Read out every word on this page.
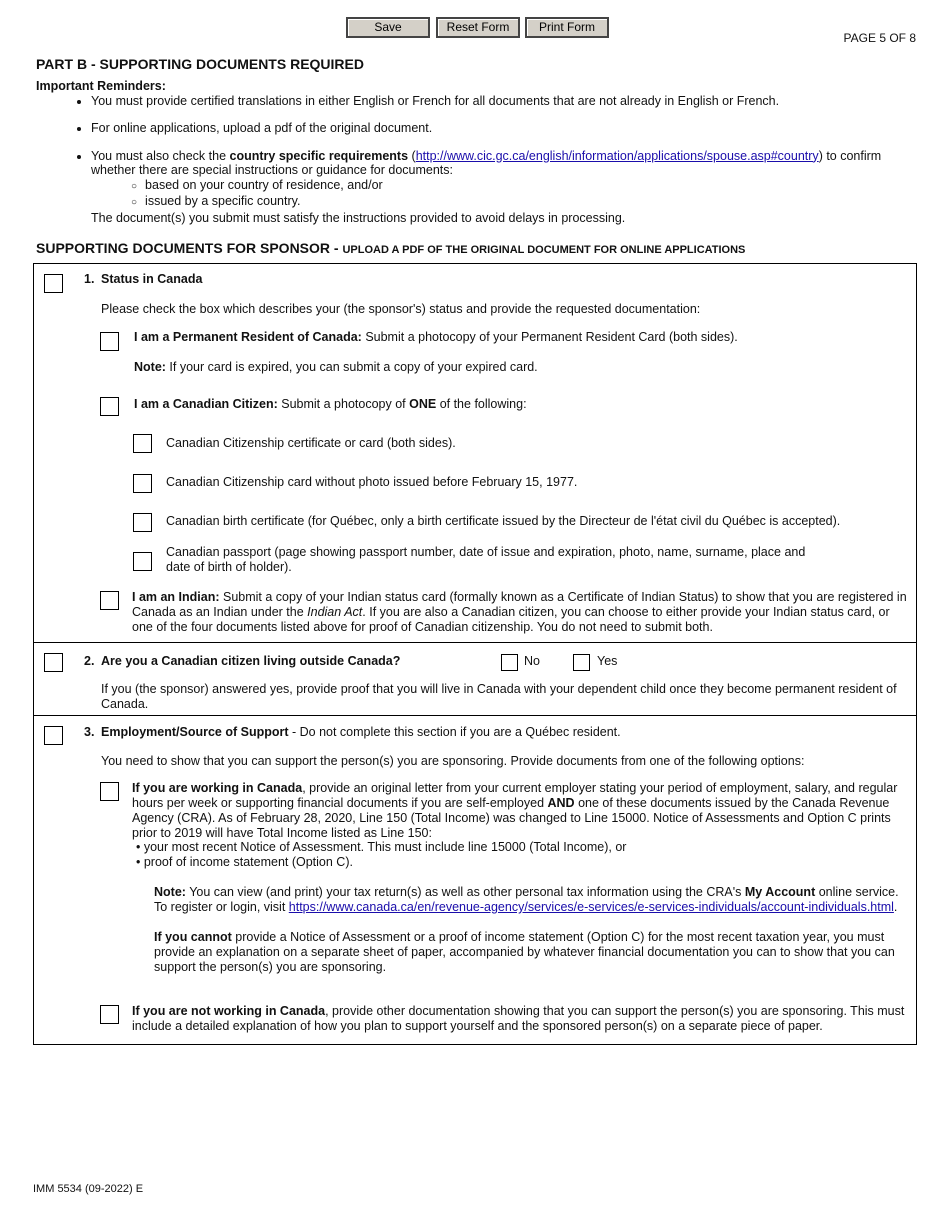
Save	Reset Form	Print Form
PAGE 5 OF 8
PART B - SUPPORTING DOCUMENTS REQUIRED
Important Reminders:
• You must provide certified translations in either English or French for all documents that are not already in English or French.
• For online applications, upload a pdf of the original document.
• You must also check the country specific requirements (http://www.cic.gc.ca/english/information/applications/spouse.asp#country) to confirm whether there are special instructions or guidance for documents:
○ based on your country of residence, and/or
○ issued by a specific country.
The document(s) you submit must satisfy the instructions provided to avoid delays in processing.
SUPPORTING DOCUMENTS FOR SPONSOR - UPLOAD A PDF OF THE ORIGINAL DOCUMENT FOR ONLINE APPLICATIONS
1. Status in Canada
Please check the box which describes your (the sponsor's) status and provide the requested documentation:
I am a Permanent Resident of Canada: Submit a photocopy of your Permanent Resident Card (both sides).
Note: If your card is expired, you can submit a copy of your expired card.
I am a Canadian Citizen: Submit a photocopy of ONE of the following:
Canadian Citizenship certificate or card (both sides).
Canadian Citizenship card without photo issued before February 15, 1977.
Canadian birth certificate (for Québec, only a birth certificate issued by the Directeur de l'état civil du Québec is accepted).
Canadian passport (page showing passport number, date of issue and expiration, photo, name, surname, place and
date of birth of holder).
I am an Indian: Submit a copy of your Indian status card (formally known as a Certificate of Indian Status) to show that you are registered in Canada as an Indian under the Indian Act. If you are also a Canadian citizen, you can choose to either provide your Indian status card, or one of the four documents listed above for proof of Canadian citizenship. You do not need to submit both.
2. Are you a Canadian citizen living outside Canada?	No	Yes
If you (the sponsor) answered yes, provide proof that you will live in Canada with your dependent child once they become permanent resident of Canada.
3. Employment/Source of Support - Do not complete this section if you are a Québec resident.
You need to show that you can support the person(s) you are sponsoring. Provide documents from one of the following options:
If you are working in Canada, provide an original letter from your current employer stating your period of employment, salary, and regular hours per week or supporting financial documents if you are self-employed AND one of these documents issued by the Canada Revenue Agency (CRA). As of February 28, 2020, Line 150 (Total Income) was changed to Line 15000. Notice of Assessments and Option C prints prior to 2019 will have Total Income listed as Line 150:
• your most recent Notice of Assessment. This must include line 15000 (Total Income), or
• proof of income statement (Option C).
Note: You can view (and print) your tax return(s) as well as other personal tax information using the CRA's My Account online service. To register or login, visit https://www.canada.ca/en/revenue-agency/services/e-services/e-services-individuals/account-individuals.html.
If you cannot provide a Notice of Assessment or a proof of income statement (Option C) for the most recent taxation year, you must provide an explanation on a separate sheet of paper, accompanied by whatever financial documentation you can to show that you can support the person(s) you are sponsoring.
If you are not working in Canada, provide other documentation showing that you can support the person(s) you are sponsoring. This must include a detailed explanation of how you plan to support yourself and the sponsored person(s) on a separate piece of paper.
IMM 5534 (09-2022) E
